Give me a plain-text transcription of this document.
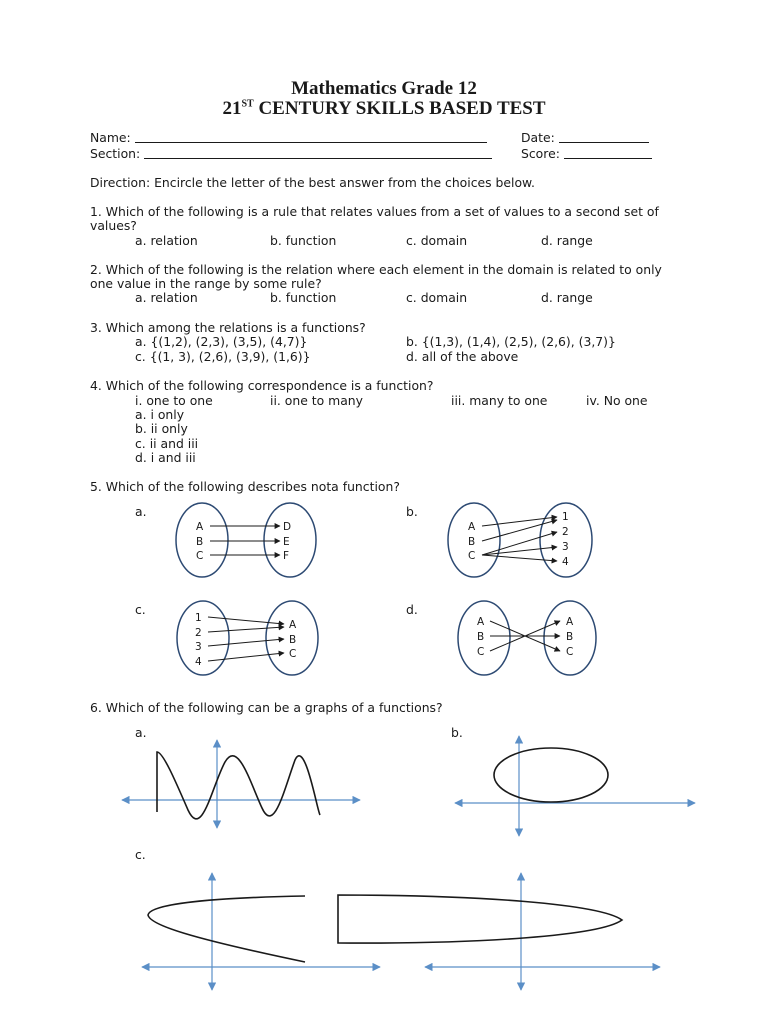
Mathematics Grade 12
21ST CENTURY SKILLS BASED TEST
Name:	Date:
Section:	Score:
Direction: Encircle the letter of the best answer from the choices below.
1. Which of the following is a rule that relates values from a set of values to a second set of
values?
a. relation	b. function	c. domain	d. range
2. Which of the following is the relation where each element in the domain is related to only
one value in the range by some rule?
a. relation	b. function	c. domain	d. range
3. Which among the relations is a functions?
a. {(1,2), (2,3), (3,5), (4,7)}	b. {(1,3), (1,4), (2,5), (2,6), (3,7)}
c. {(1, 3), (2,6), (3,9), (1,6)}	d. all of the above
4. Which of the following correspondence is a function?
i. one to one	ii. one to many	iii. many to one	iv. No one
a. i only
b. ii only
c. ii and iii
d. i and iii
5. Which of the following describes nota function?
a.	b.
c.	d.
6. Which of the following can be a graphs of a functions?
a.	b.
c.
A
B
C
D
E
F
A
B
C
1
2
3
4
1
2
3
4
A
B
C
A
B
C
A
B
C
